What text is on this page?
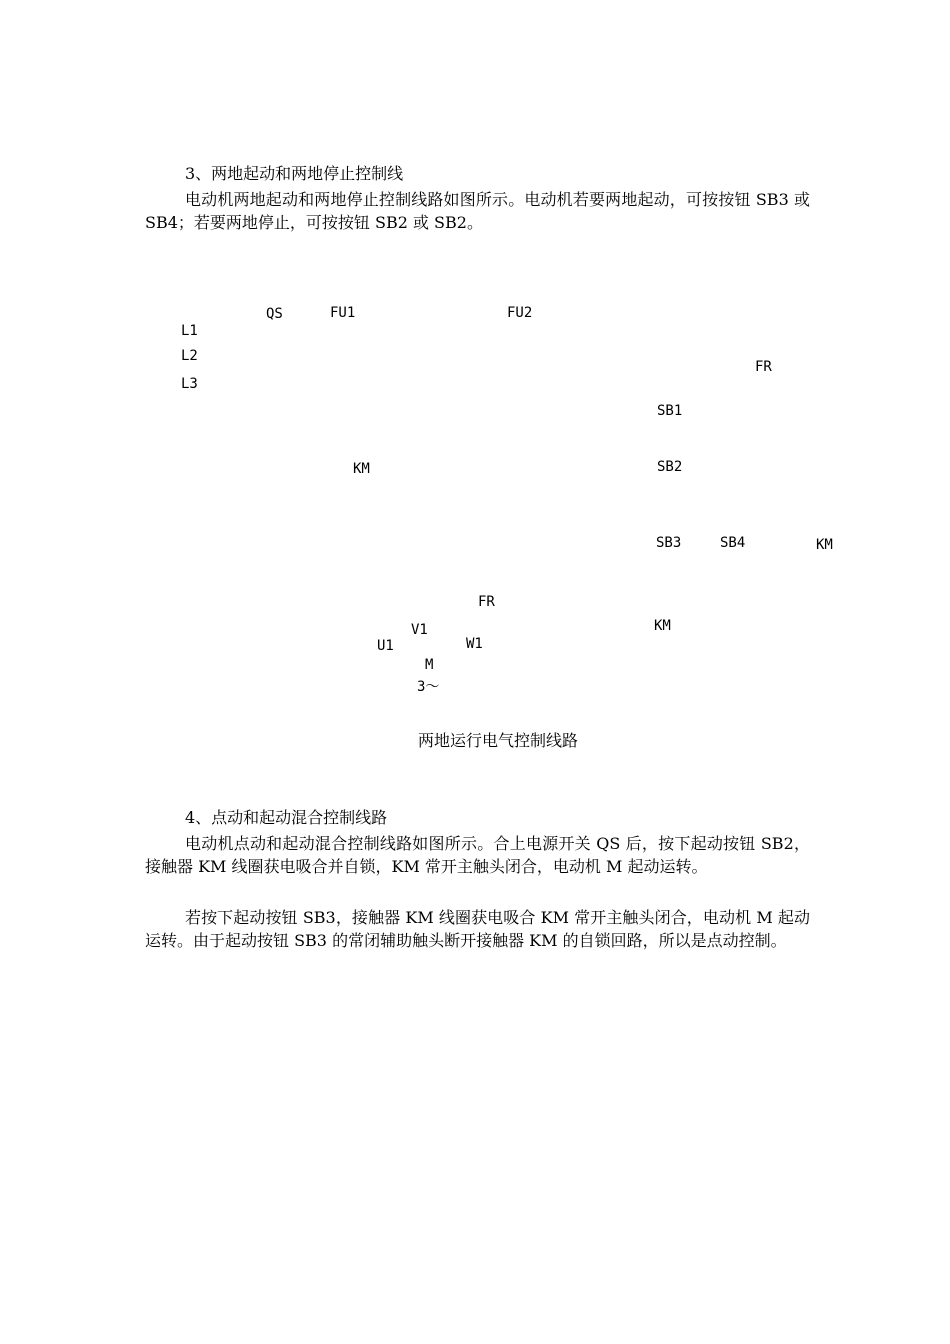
3、两地起动和两地停止控制线

电动机两地起动和两地停止控制线路如图所示。电动机若要两地起动，可按按钮 SB3 或 SB4；若要两地停止，可按按钮 SB2 或 SB2。

QS	FU1	FU2
L1
L2
L3
FR
SB1
KM	SB2
SB3	SB4	KM
FR
V1	KM
W1
U1
M
3～
两地运行电气控制线路
4、点动和起动混合控制线路

电动机点动和起动混合控制线路如图所示。合上电源开关 QS 后，按下起动按钮 SB2，接触器 KM 线圈获电吸合并自锁，KM 常开主触头闭合，电动机 M 起动运转。

若按下起动按钮 SB3，接触器 KM 线圈获电吸合 KM 常开主触头闭合，电动机 M 起动运转。由于起动按钮 SB3 的常闭辅助触头断开接触器 KM 的自锁回路，所以是点动控制。
